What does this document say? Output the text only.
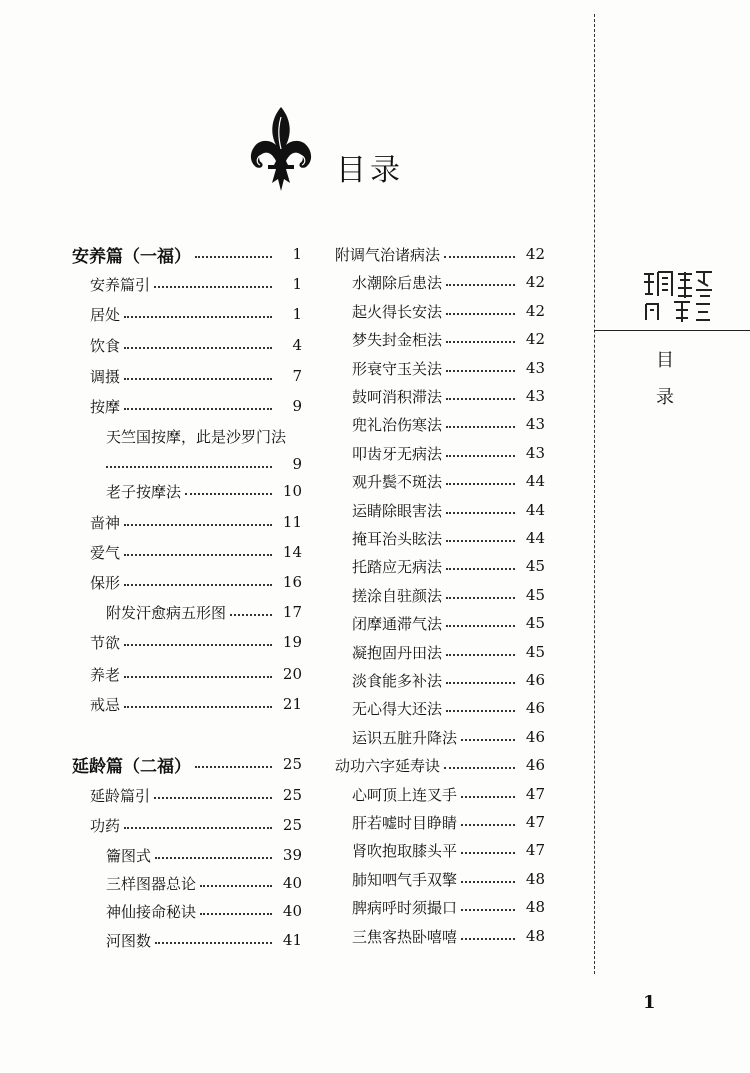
目录
安养篇（一福）	1
安养篇引	1
居处	1
饮食	4
调摄	7
按摩	9
天竺国按摩，此是沙罗门法
9
老子按摩法	10
啬神	11
爱气	14
保形	16
附发汗愈病五形图	17
节欲	19
养老	20
戒忌	21
延龄篇（二福）	25
延龄篇引	25
功药	25
籥图式	39
三样图器总论	40
神仙接命秘诀	40
河图数	41
附调气治诸病法	42
水潮除后患法	42
起火得长安法	42
梦失封金柜法	42
形衰守玉关法	43
鼓呵消积滞法	43
兜礼治伤寒法	43
叩齿牙无病法	43
观升鬓不斑法	44
运睛除眼害法	44
掩耳治头眩法	44
托踏应无病法	45
搓涂自驻颜法	45
闭摩通滞气法	45
凝抱固丹田法	45
淡食能多补法	46
无心得大还法	46
运识五脏升降法	46
动功六字延寿诀	46
心呵顶上连叉手	47
肝若嘘时目睁睛	47
肾吹抱取膝头平	47
肺知呬气手双擎	48
脾病呼时须撮口	48
三焦客热卧嘻嘻	48
目
录
1
